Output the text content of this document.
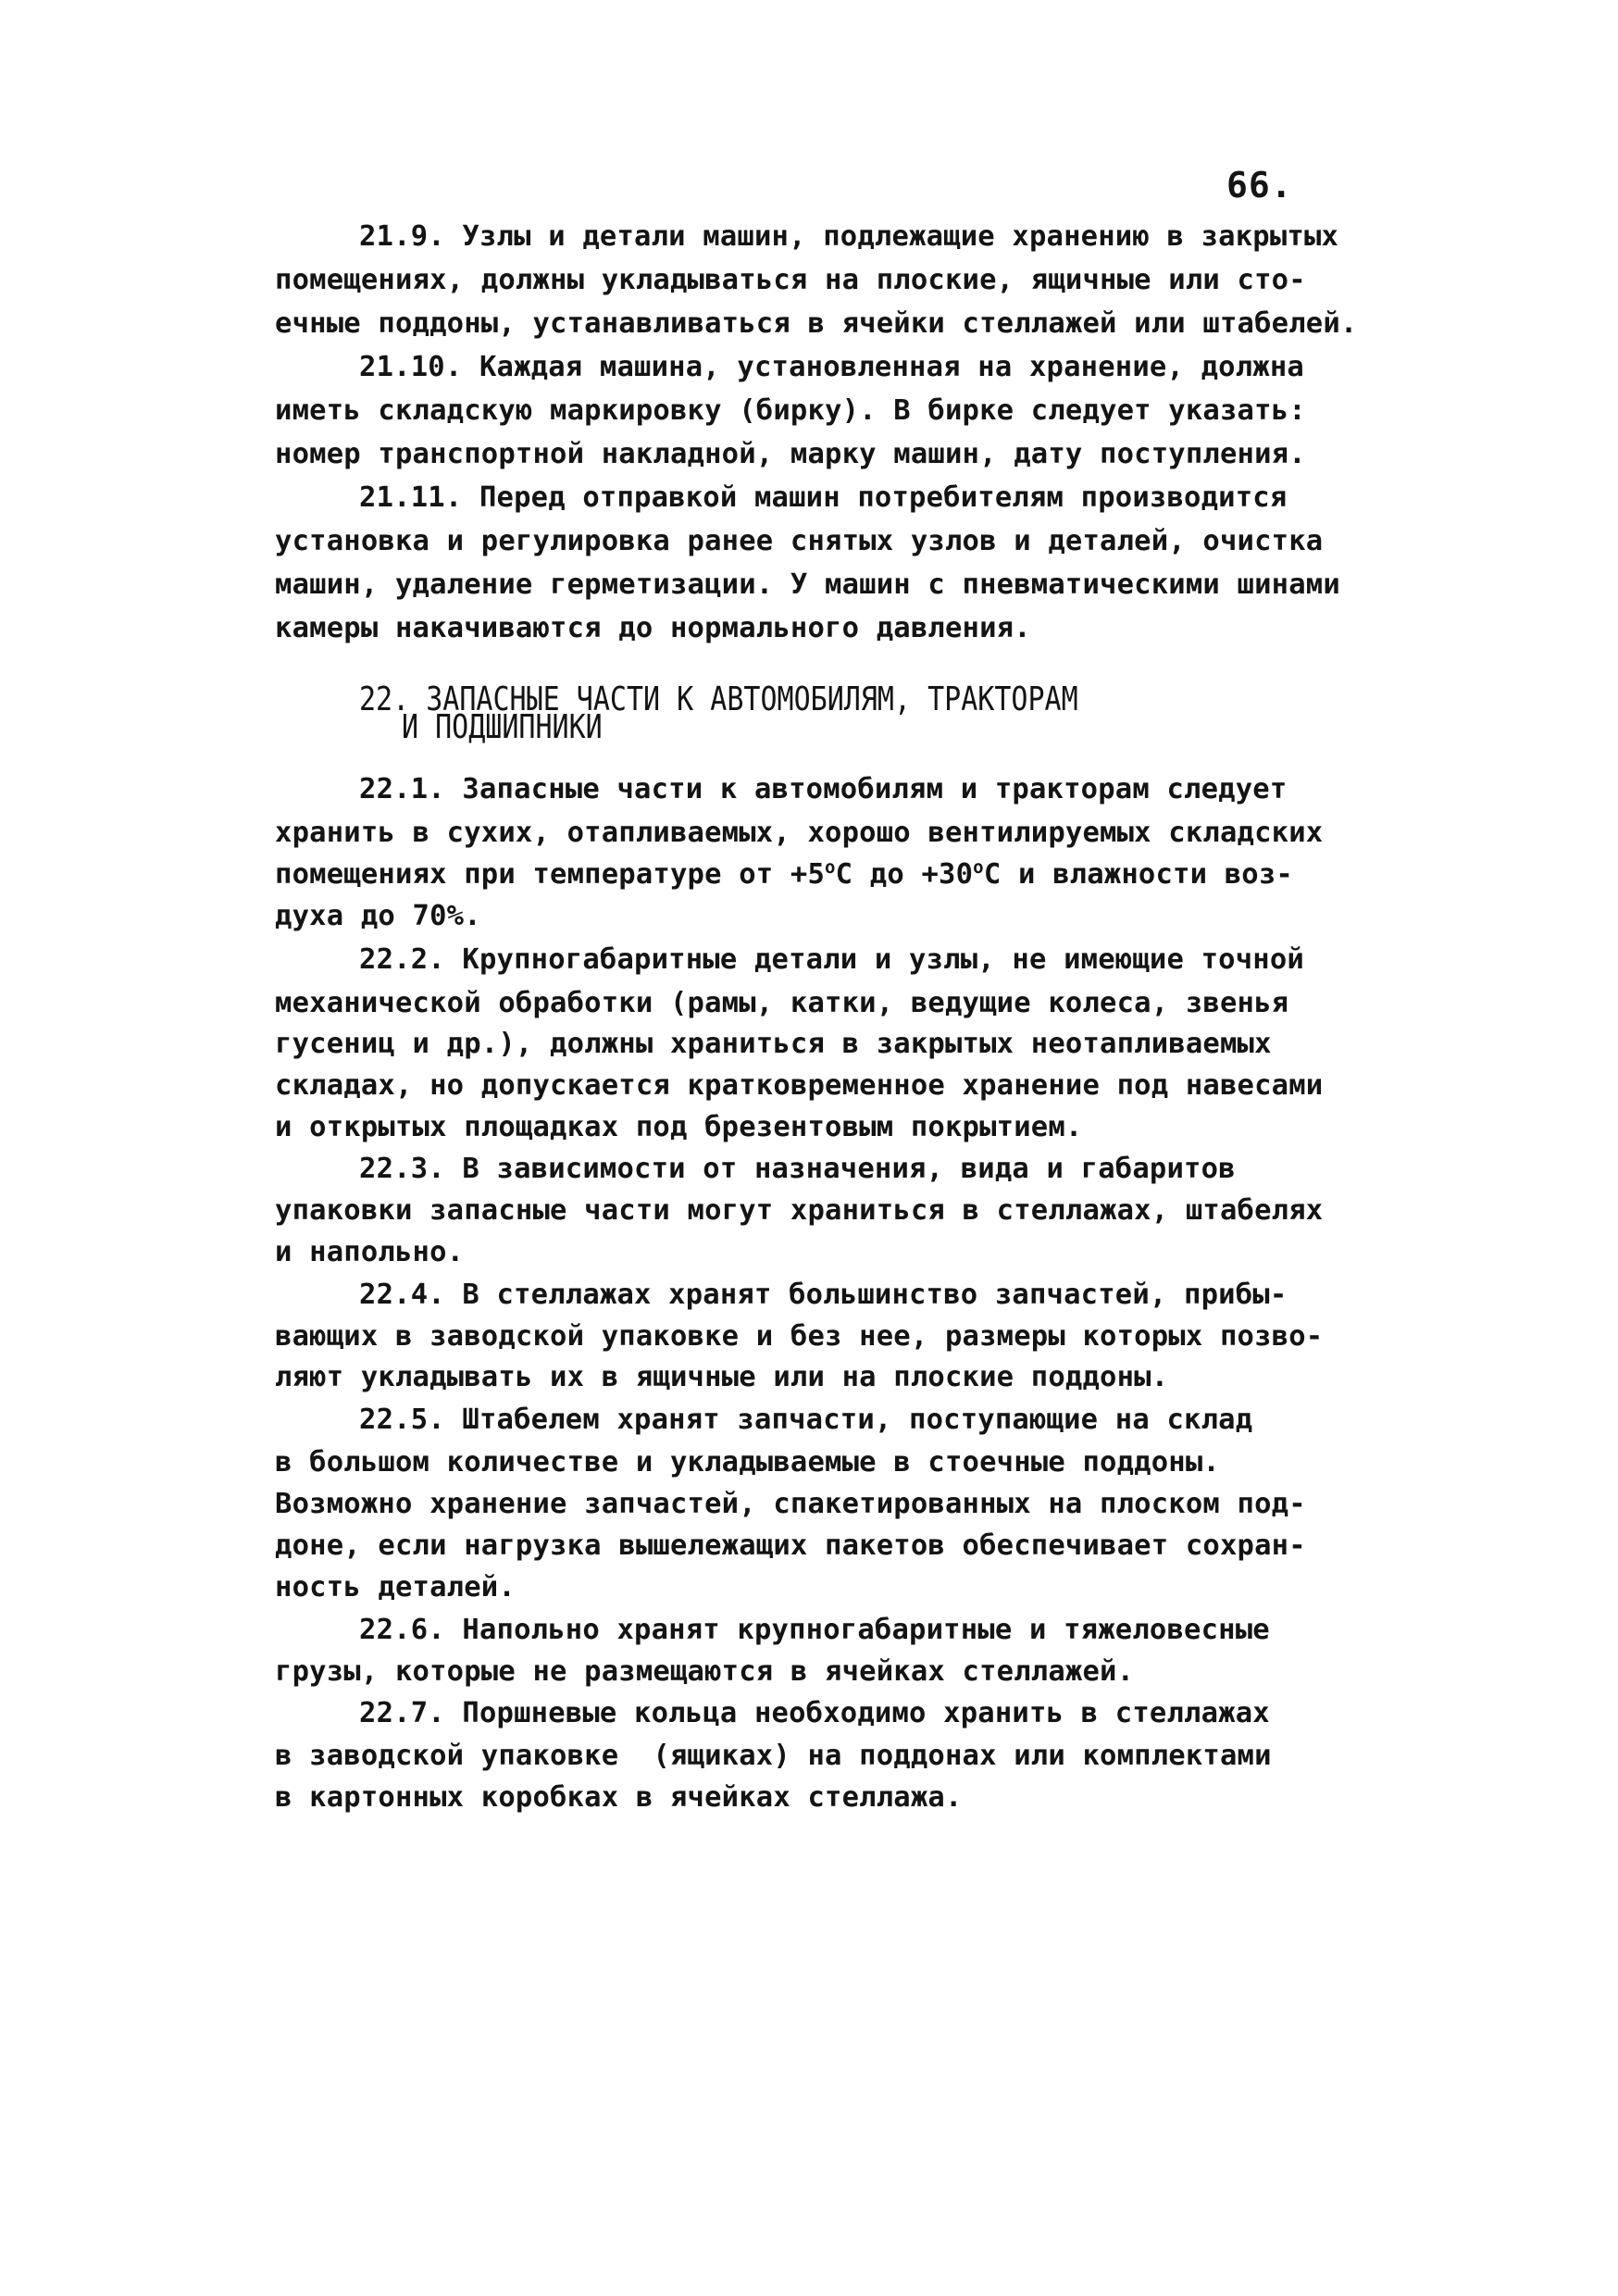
66.
21.9. Узлы и детали машин, подлежащие хранению в закрытых
помещениях, должны укладываться на плоские, ящичные или сто-
ечные поддоны, устанавливаться в ячейки стеллажей или штабелей.
21.10. Каждая машина, установленная на хранение, должна
иметь складскую маркировку (бирку). В бирке следует указать:
номер транспортной накладной, марку машин, дату поступления.
21.11. Перед отправкой машин потребителям производится
установка и регулировка ранее снятых узлов и деталей, очистка
машин, удаление герметизации. У машин с пневматическими шинами
камеры накачиваются до нормального давления.
22. ЗАПАСНЫЕ ЧАСТИ К АВТОМОБИЛЯМ, ТРАКТОРАМ
И ПОДШИПНИКИ
22.1. Запасные части к автомобилям и тракторам следует
хранить в сухих, отапливаемых, хорошо вентилируемых складских
помещениях при температуре от $+5^оС$ до $+30^оС$ и влажности воз-
духа до 70%.
22.2. Крупногабаритные детали и узлы, не имеющие точной
механической обработки (рамы, катки, ведущие колеса, звенья
гусениц и др.), должны храниться в закрытых неотапливаемых
складах, но допускается кратковременное хранение под навесами
и открытых площадках под брезентовым покрытием.
22.3. В зависимости от назначения, вида и габаритов
упаковки запасные части могут храниться в стеллажах, штабелях
и напольно.
22.4. В стеллажах хранят большинство запчастей, прибы-
вающих в заводской упаковке и без нее, размеры которых позво-
ляют укладывать их в ящичные или на плоские поддоны.
22.5. Штабелем хранят запчасти, поступающие на склад
в большом количестве и укладываемые в стоечные поддоны.
Возможно хранение запчастей, спакетированных на плоском под-
доне, если нагрузка вышележащих пакетов обеспечивает сохран-
ность деталей.
22.6. Напольно хранят крупногабаритные и тяжеловесные
грузы, которые не размещаются в ячейках стеллажей.
22.7. Поршневые кольца необходимо хранить в стеллажах
в заводской упаковке  (ящиках) на поддонах или комплектами
в картонных коробках в ячейках стеллажа.
